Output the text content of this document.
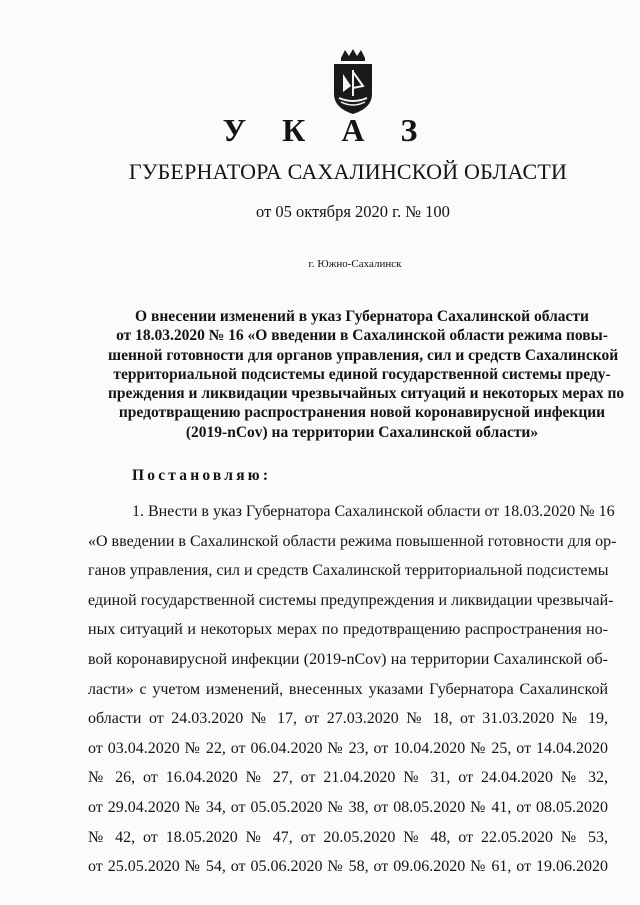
У К А З
ГУБЕРНАТОРА САХАЛИНСКОЙ ОБЛАСТИ
от 05 октября 2020 г. № 100
г. Южно-Сахалинск
О внесении изменений в указ Губернатора Сахалинской области
от 18.03.2020 № 16 «О введении в Сахалинской области режима повы-
шенной готовности для органов управления, сил и средств Сахалинской
территориальной подсистемы единой государственной системы преду-
преждения и ликвидации чрезвычайных ситуаций и некоторых мерах по
предотвращению распространения новой коронавирусной инфекции
(2019-nCov) на территории Сахалинской области»
Постановляю:
1. Внести в указ Губернатора Сахалинской области от 18.03.2020 № 16
«О введении в Сахалинской области режима повышенной готовности для ор-
ганов управления, сил и средств Сахалинской территориальной подсистемы
единой государственной системы предупреждения и ликвидации чрезвычай-
ных ситуаций и некоторых мерах по предотвращению распространения но-
вой коронавирусной инфекции (2019-nCov) на территории Сахалинской об-
ласти» с учетом изменений, внесенных указами Губернатора Сахалинской
области от 24.03.2020 № 17, от 27.03.2020 № 18, от 31.03.2020 № 19,
от 03.04.2020 № 22, от 06.04.2020 № 23, от 10.04.2020 № 25, от 14.04.2020
№ 26, от 16.04.2020 № 27, от 21.04.2020 № 31, от 24.04.2020 № 32,
от 29.04.2020 № 34, от 05.05.2020 № 38, от 08.05.2020 № 41, от 08.05.2020
№ 42, от 18.05.2020 № 47, от 20.05.2020 № 48, от 22.05.2020 № 53,
от 25.05.2020 № 54, от 05.06.2020 № 58, от 09.06.2020 № 61, от 19.06.2020
